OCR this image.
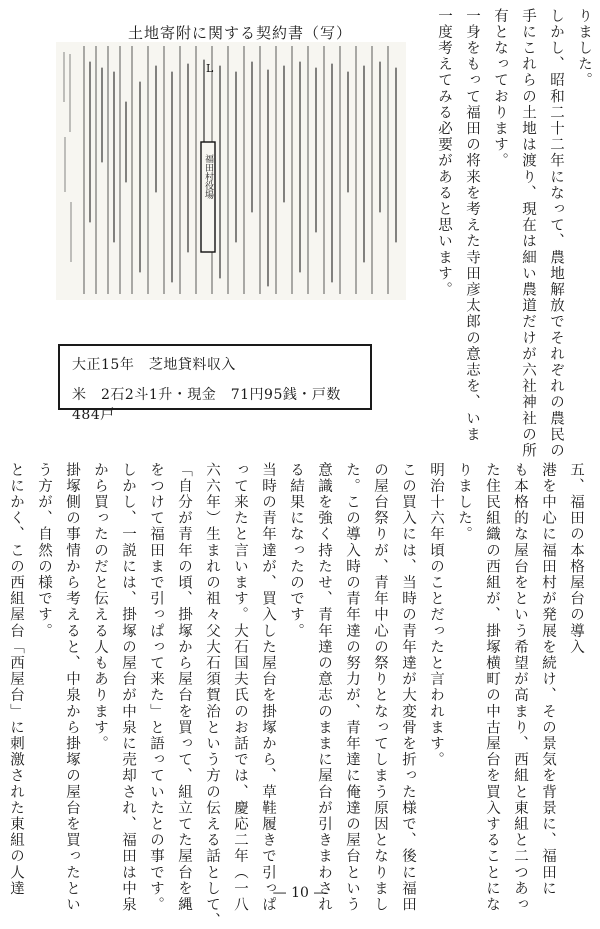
土地寄附に関する契約書（写）
福田村役場
L
大正15年　芝地貸料収入
米　2石2斗1升・現金　71円95銭・戸数　484戸
りました。
しかし、昭和二十二年になって、農地解放でそれぞれの農民の
手にこれらの土地は渡り、現在は細い農道だけが六社神社の所
有となっております。
一身をもって福田の将来を考えた寺田彦太郎の意志を、いま
一度考えてみる必要があると思います。
五、福田の本格屋台の導入
港を中心に福田村が発展を続け、その景気を背景に、福田に
も本格的な屋台をという希望が高まり、西組と東組と二つあっ
た住民組織の西組が、掛塚横町の中古屋台を買入することにな
りました。
明治十六年頃のことだったと言われます。
この買入には、当時の青年達が大変骨を折った様で、後に福田
の屋台祭りが、青年中心の祭りとなってしまう原因となりまし
た。この導入時の青年達の努力が、青年達に俺達の屋台という
意識を強く持たせ、青年達の意志のままに屋台が引きまわされ
る結果になったのです。
当時の青年達が、買入した屋台を掛塚から、草鞋履きで引っぱ
って来たと言います。大石国夫氏のお話では、慶応二年（一八
六六年）生まれの祖々父大石須賀治という方の伝える話として、
「自分が青年の頃、掛塚から屋台を買って、組立てた屋台を縄
をつけて福田まで引っぱって来た」と語っていたとの事です。
しかし、一説には、掛塚の屋台が中泉に売却され、福田は中泉
から買ったのだと伝える人もあります。
掛塚側の事情から考えると、中泉から掛塚の屋台を買ったとい
う方が、自然の様です。
とにかく、この西組屋台「西屋台」に刺激された東組の人達	— 10 —
